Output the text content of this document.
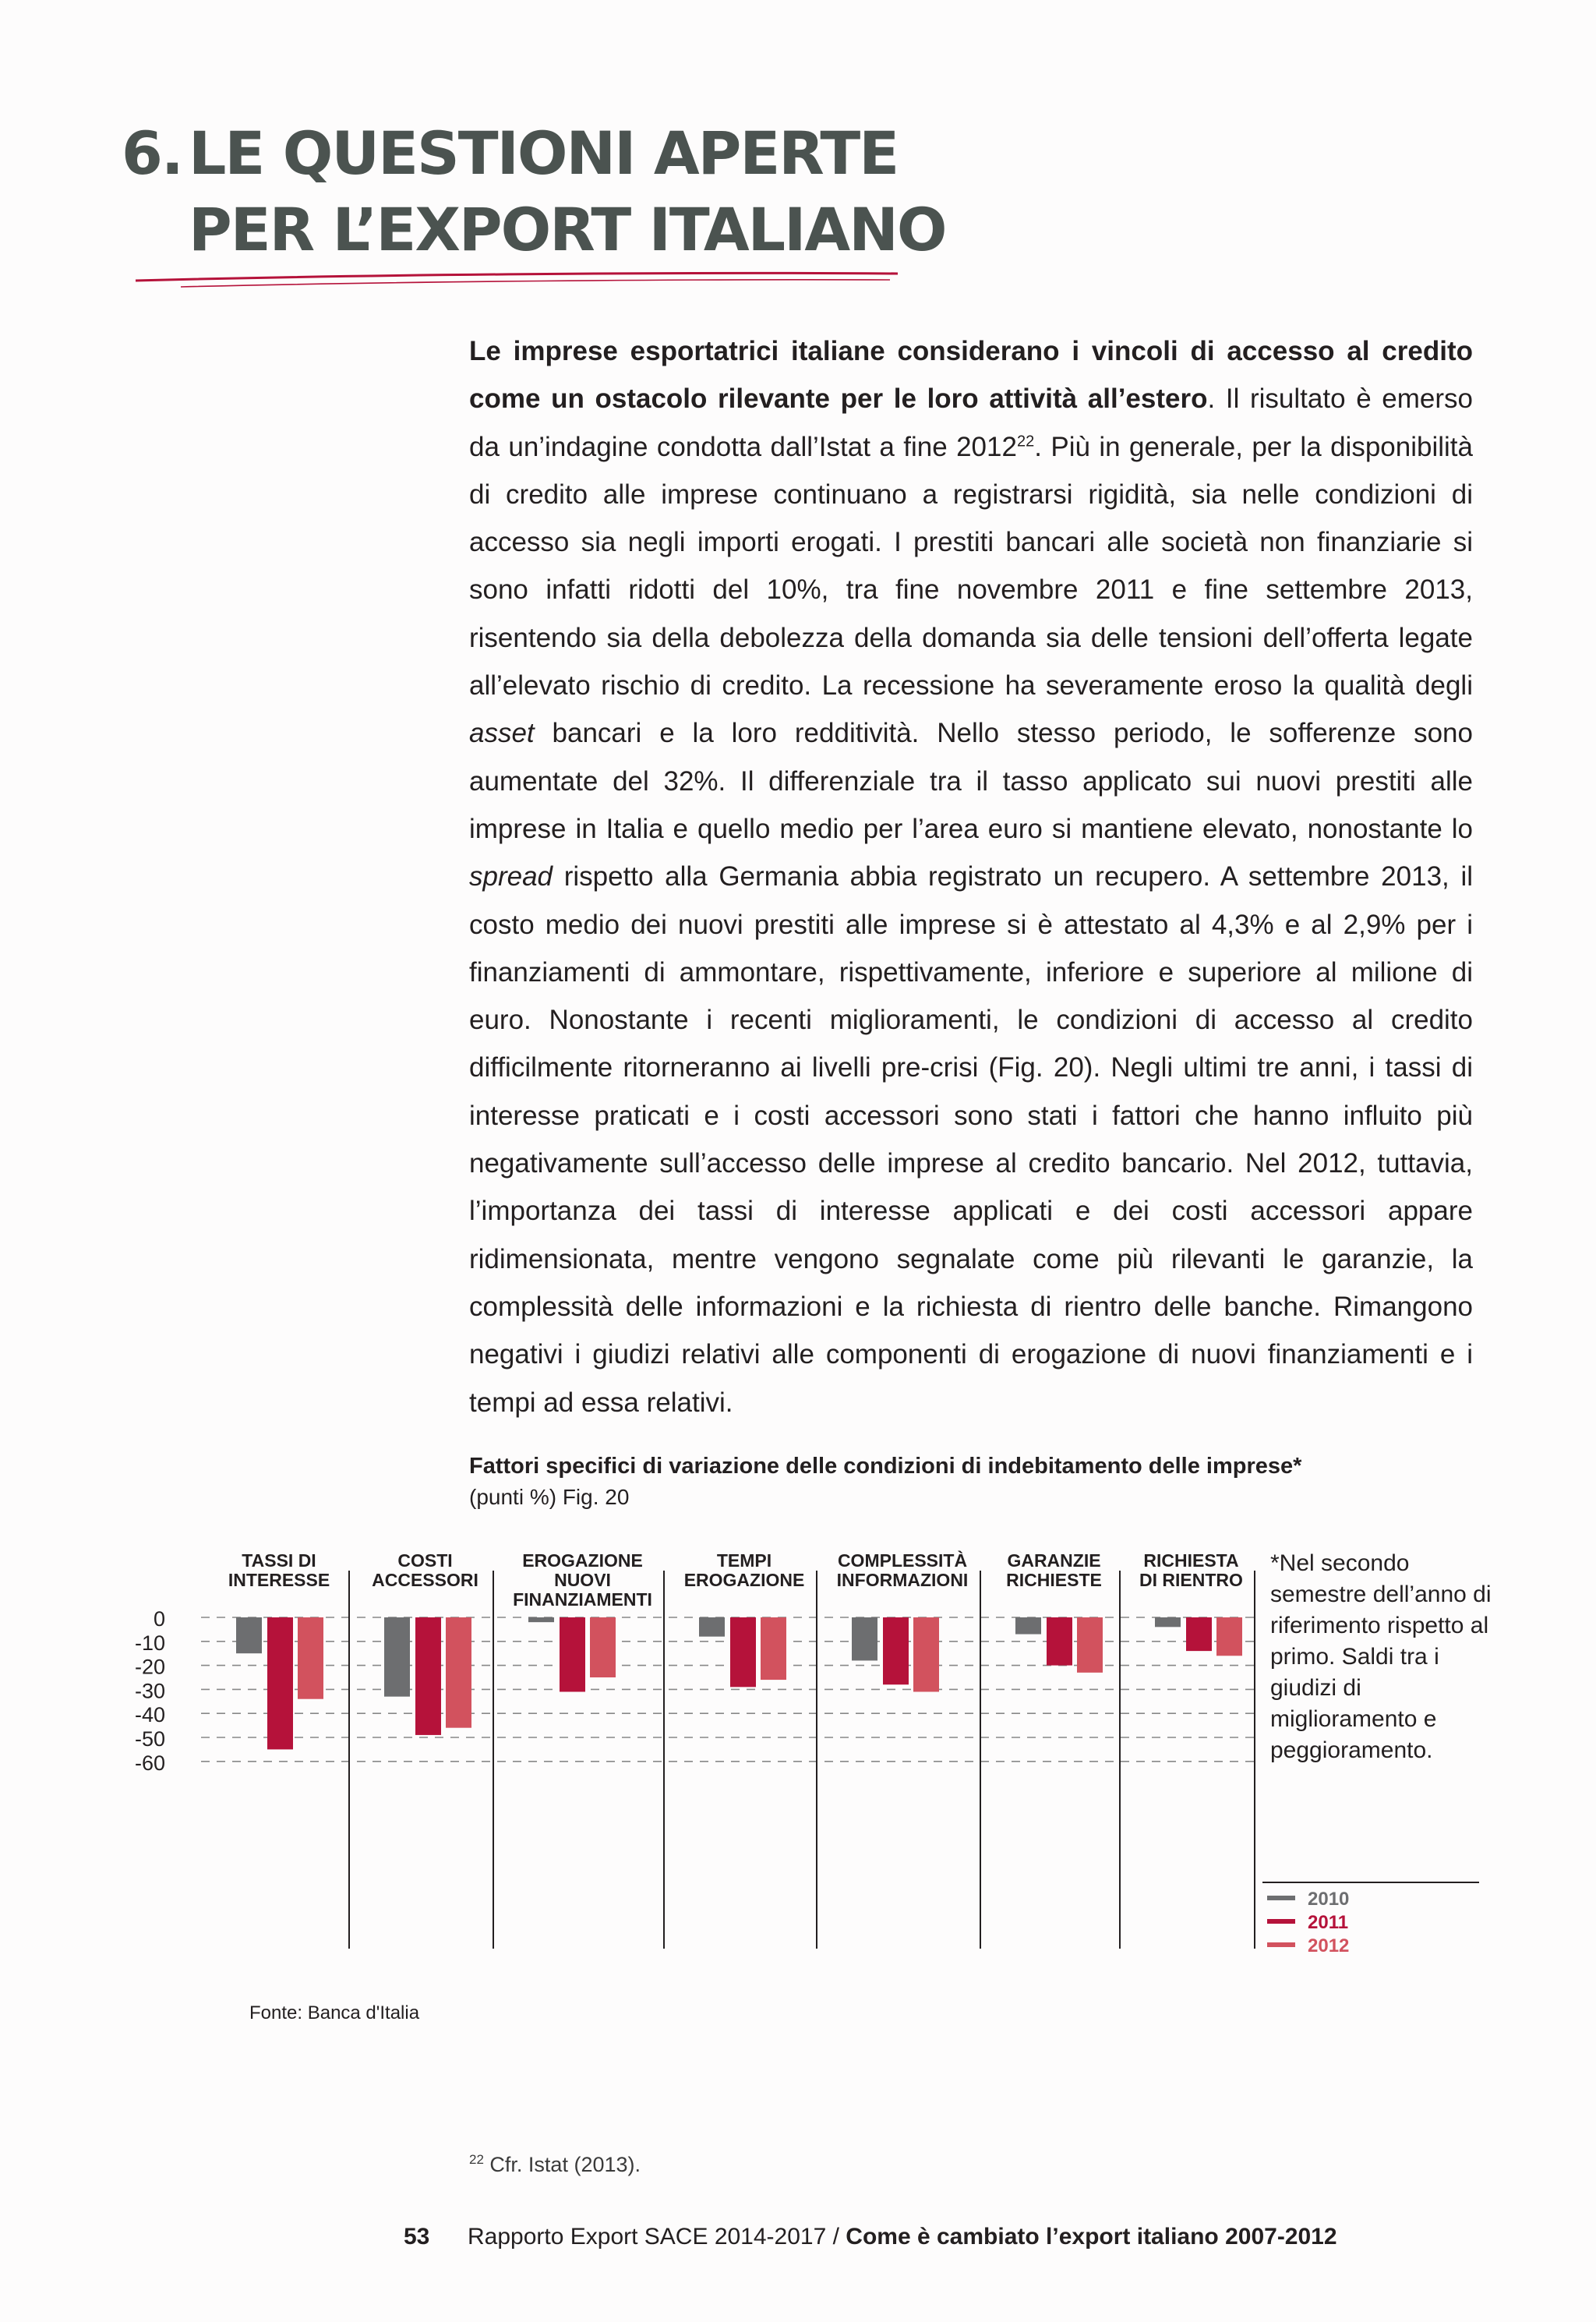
6. LE QUESTIONI APERTE
PER L’EXPORT ITALIANO

Le imprese esportatrici italiane considerano i vincoli di accesso al credito come un ostacolo rilevante per le loro attività all’estero. Il risultato è emerso da un’indagine condotta dall’Istat a fine 2012$^{22}$. Più in generale, per la disponibilità di credito alle imprese continuano a registrarsi rigidità, sia nelle condizioni di accesso sia negli importi erogati. I prestiti bancari alle società non finanziarie si sono infatti ridotti del 10%, tra fine novembre 2011 e fine settembre 2013, risentendo sia della debolezza della domanda sia delle tensioni dell’offerta legate all’elevato rischio di credito. La recessione ha severamente eroso la qualità degli asset bancari e la loro redditività. Nello stesso periodo, le sofferenze sono aumentate del 32%. Il differenziale tra il tasso applicato sui nuovi prestiti alle imprese in Italia e quello medio per l’area euro si mantiene elevato, nonostante lo spread rispetto alla Germania abbia registrato un recupero. A settembre 2013, il costo medio dei nuovi prestiti alle imprese si è attestato al 4,3% e al 2,9% per i finanziamenti di ammontare, rispettivamente, inferiore e superiore al milione di euro. Nonostante i recenti miglioramenti, le condizioni di accesso al credito difficilmente ritorneranno ai livelli pre-crisi (Fig. 20). Negli ultimi tre anni, i tassi di interesse praticati e i costi accessori sono stati i fattori che hanno influito più negativamente sull’accesso delle imprese al credito bancario. Nel 2012, tuttavia, l’importanza dei tassi di interesse applicati e dei costi accessori appare ridimensionata, mentre vengono segnalate come più rilevanti le garanzie, la complessità delle informazioni e la richiesta di rientro delle banche. Rimangono negativi i giudizi relativi alle componenti di erogazione di nuovi finanziamenti e i tempi ad essa relativi.

Fattori specifici di variazione delle condizioni di indebitamento delle imprese*
(punti %) Fig. 20
0
-10
-20
-30
-40
-50
-60
TASSI DI
INTERESSE
COSTI
ACCESSORI
EROGAZIONE
NUOVI
FINANZIAMENTI
TEMPI
EROGAZIONE
COMPLESSITÀ
INFORMAZIONI
GARANZIE
RICHIESTE
RICHIESTA
DI RIENTRO
2010
2011
2012

*Nel secondo semestre dell’anno di riferimento rispetto al primo. Saldi tra i giudizi di miglioramento e peggioramento.

Fonte: Banca d'Italia
$^{22}$ Cfr. Istat (2013).
53 Rapporto Export SACE 2014-2017 / Come è cambiato l’export italiano 2007-2012
